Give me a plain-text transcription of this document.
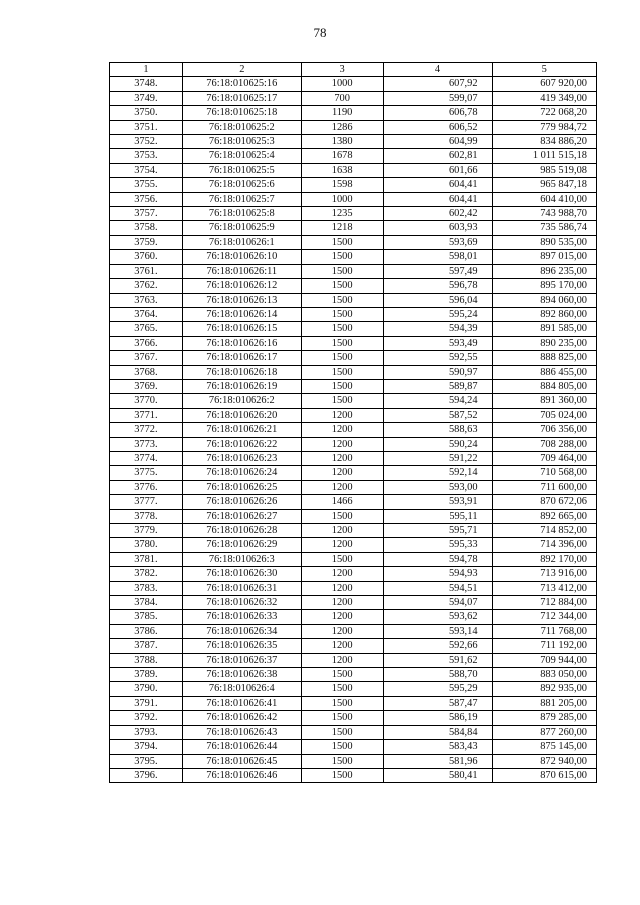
78
1	2	3	4	5
3748.	76:18:010625:16	1000	607,92	607 920,00
3749.	76:18:010625:17	700	599,07	419 349,00
3750.	76:18:010625:18	1190	606,78	722 068,20
3751.	76:18:010625:2	1286	606,52	779 984,72
3752.	76:18:010625:3	1380	604,99	834 886,20
3753.	76:18:010625:4	1678	602,81	1 011 515,18
3754.	76:18:010625:5	1638	601,66	985 519,08
3755.	76:18:010625:6	1598	604,41	965 847,18
3756.	76:18:010625:7	1000	604,41	604 410,00
3757.	76:18:010625:8	1235	602,42	743 988,70
3758.	76:18:010625:9	1218	603,93	735 586,74
3759.	76:18:010626:1	1500	593,69	890 535,00
3760.	76:18:010626:10	1500	598,01	897 015,00
3761.	76:18:010626:11	1500	597,49	896 235,00
3762.	76:18:010626:12	1500	596,78	895 170,00
3763.	76:18:010626:13	1500	596,04	894 060,00
3764.	76:18:010626:14	1500	595,24	892 860,00
3765.	76:18:010626:15	1500	594,39	891 585,00
3766.	76:18:010626:16	1500	593,49	890 235,00
3767.	76:18:010626:17	1500	592,55	888 825,00
3768.	76:18:010626:18	1500	590,97	886 455,00
3769.	76:18:010626:19	1500	589,87	884 805,00
3770.	76:18:010626:2	1500	594,24	891 360,00
3771.	76:18:010626:20	1200	587,52	705 024,00
3772.	76:18:010626:21	1200	588,63	706 356,00
3773.	76:18:010626:22	1200	590,24	708 288,00
3774.	76:18:010626:23	1200	591,22	709 464,00
3775.	76:18:010626:24	1200	592,14	710 568,00
3776.	76:18:010626:25	1200	593,00	711 600,00
3777.	76:18:010626:26	1466	593,91	870 672,06
3778.	76:18:010626:27	1500	595,11	892 665,00
3779.	76:18:010626:28	1200	595,71	714 852,00
3780.	76:18:010626:29	1200	595,33	714 396,00
3781.	76:18:010626:3	1500	594,78	892 170,00
3782.	76:18:010626:30	1200	594,93	713 916,00
3783.	76:18:010626:31	1200	594,51	713 412,00
3784.	76:18:010626:32	1200	594,07	712 884,00
3785.	76:18:010626:33	1200	593,62	712 344,00
3786.	76:18:010626:34	1200	593,14	711 768,00
3787.	76:18:010626:35	1200	592,66	711 192,00
3788.	76:18:010626:37	1200	591,62	709 944,00
3789.	76:18:010626:38	1500	588,70	883 050,00
3790.	76:18:010626:4	1500	595,29	892 935,00
3791.	76:18:010626:41	1500	587,47	881 205,00
3792.	76:18:010626:42	1500	586,19	879 285,00
3793.	76:18:010626:43	1500	584,84	877 260,00
3794.	76:18:010626:44	1500	583,43	875 145,00
3795.	76:18:010626:45	1500	581,96	872 940,00
3796.	76:18:010626:46	1500	580,41	870 615,00
